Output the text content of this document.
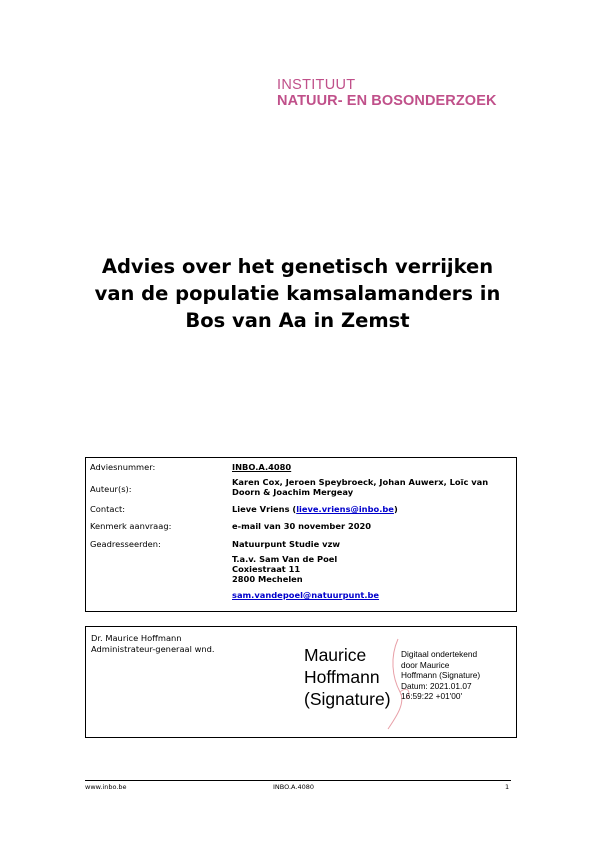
INSTITUUT
NATUUR- EN BOSONDERZOEK
Advies over het genetisch verrijken
van de populatie kamsalamanders in
Bos van Aa in Zemst
Adviesnummer:	INBO.A.4080
Auteur(s):
Karen Cox, Jeroen Speybroeck, Johan Auwerx, Loïc van
Doorn & Joachim Mergeay
Contact:	Lieve Vriens (lieve.vriens@inbo.be)
Kenmerk aanvraag:	e-mail van 30 november 2020
Geadresseerden:	Natuurpunt Studie vzw
T.a.v. Sam Van de Poel
Coxiestraat 11
2800 Mechelen
sam.vandepoel@natuurpunt.be
Dr. Maurice Hoffmann
Administrateur-generaal wnd.	Maurice
Hoffmann
(Signature)
Digitaal ondertekend
door Maurice
Hoffmann (Signature)
Datum: 2021.01.07
16:59:22 +01'00'
www.inbo.be	INBO.A.4080	1
